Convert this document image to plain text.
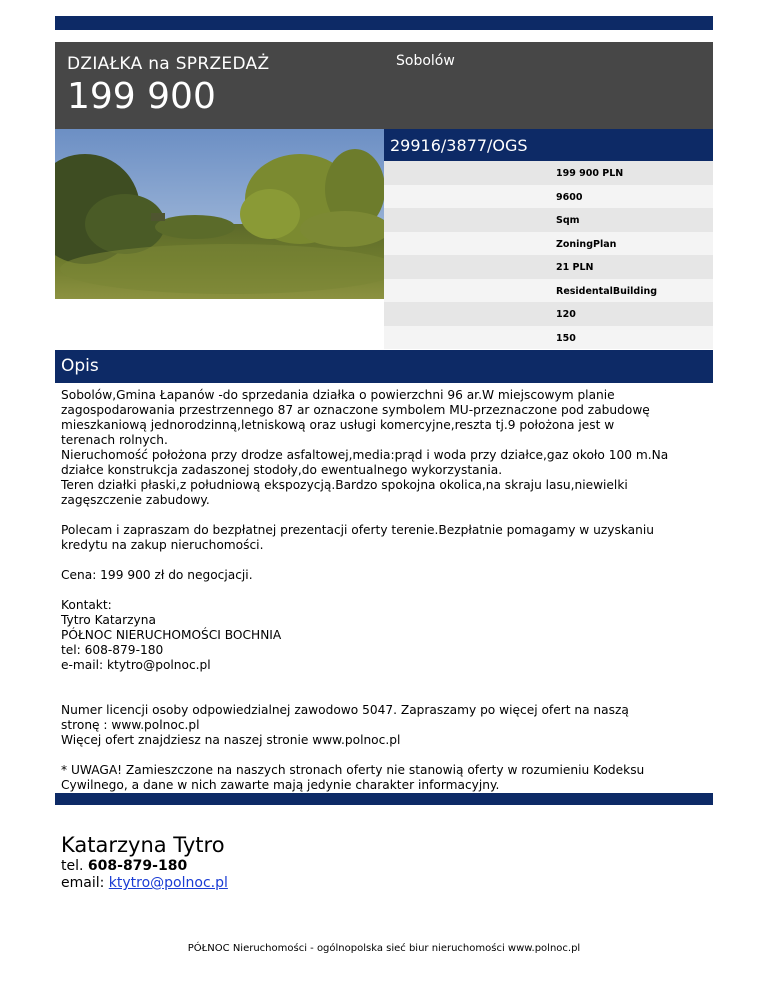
DZIAŁKA na SPRZEDAŻ
199 900
Sobolów
29916/3877/OGS
199 900 PLN
9600
Sqm
ZoningPlan
21 PLN
ResidentalBuilding
120
150
Opis

Sobolów,Gmina Łapanów -do sprzedania działka o powierzchni 96 ar.W miejscowym planie

zagospodarowania przestrzennego 87 ar oznaczone symbolem MU-przeznaczone pod zabudowę

mieszkaniową jednorodzinną,letniskową oraz usługi komercyjne,reszta tj.9 położona jest w

terenach rolnych.

Nieruchomość położona przy drodze asfaltowej,media:prąd i woda przy działce,gaz około 100 m.Na

działce konstrukcja zadaszonej stodoły,do ewentualnego wykorzystania.

Teren działki płaski,z południową ekspozycją.Bardzo spokojna okolica,na skraju lasu,niewielki

zagęszczenie zabudowy.

Polecam i zapraszam do bezpłatnej prezentacji oferty terenie.Bezpłatnie pomagamy w uzyskaniu

kredytu na zakup nieruchomości.

Cena: 199 900 zł do negocjacji.

Kontakt:

Tytro Katarzyna

PÓŁNOC NIERUCHOMOŚCI BOCHNIA

tel: 608-879-180

e-mail: ktytro@polnoc.pl

Numer licencji osoby odpowiedzialnej zawodowo 5047. Zapraszamy po więcej ofert na naszą

stronę : www.polnoc.pl

Więcej ofert znajdziesz na naszej stronie www.polnoc.pl

* UWAGA! Zamieszczone na naszych stronach oferty nie stanowią oferty w rozumieniu Kodeksu

Cywilnego, a dane w nich zawarte mają jedynie charakter informacyjny.

Katarzyna Tytro
tel. 608-879-180
email: ktytro@polnoc.pl
PÓŁNOC Nieruchomości - ogólnopolska sieć biur nieruchomości www.polnoc.pl
